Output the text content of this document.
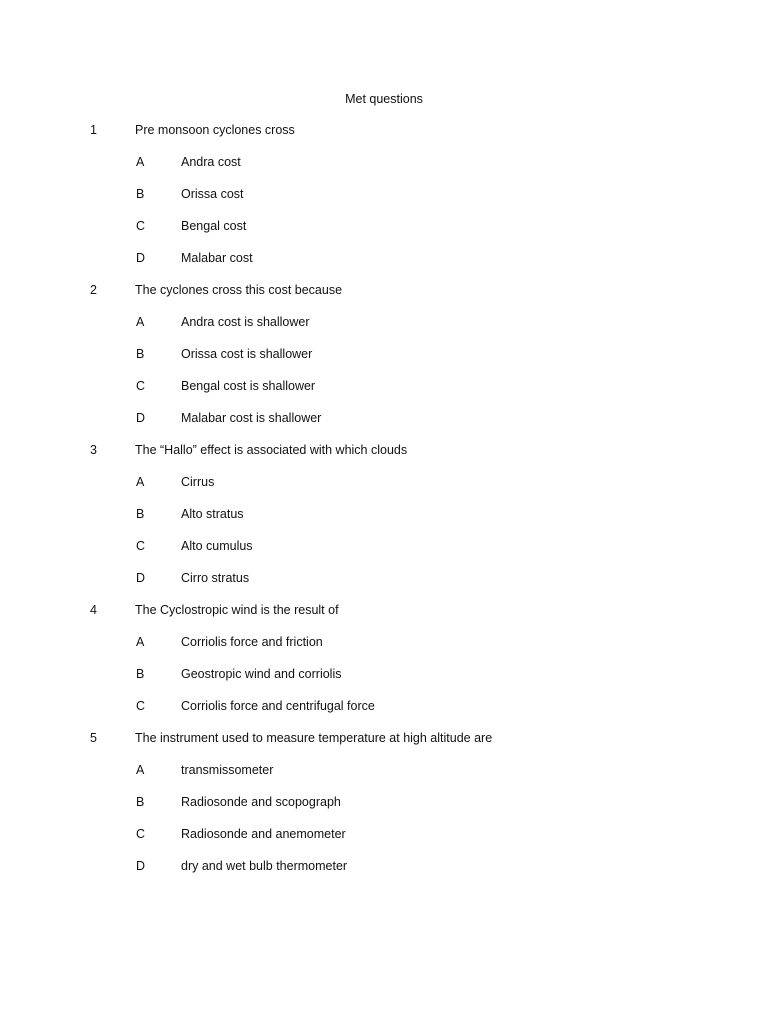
Met questions
1	Pre monsoon cyclones cross
A	Andra cost
B	Orissa cost
C	Bengal cost
D	Malabar cost
2	The cyclones cross this cost because
A	Andra cost is shallower
B	Orissa cost is shallower
C	Bengal cost is shallower
D	Malabar cost is shallower
3	The “Hallo” effect is associated with which clouds
A	Cirrus
B	Alto stratus
C	Alto cumulus
D	Cirro stratus
4	The Cyclostropic wind is the result of
A	Corriolis force and friction
B	Geostropic wind and corriolis
C	Corriolis force and centrifugal force
5	The instrument used to measure temperature at high altitude are
A	transmissometer
B	Radiosonde and scopograph
C	Radiosonde and anemometer
D	dry and wet bulb thermometer
